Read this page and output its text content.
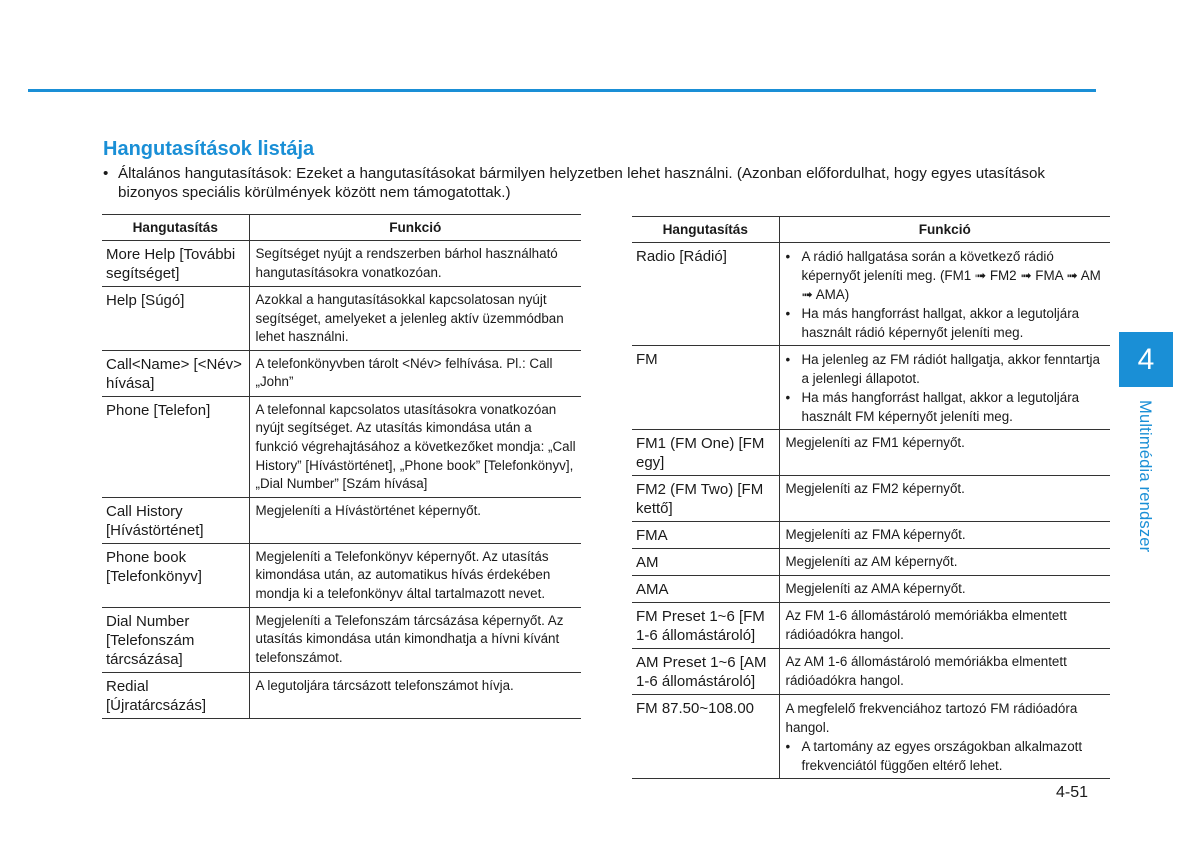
Hangutasítások listája
• Általános hangutasítások: Ezeket a hangutasításokat bármilyen helyzetben lehet használni. (Azonban előfordulhat, hogy egyes utasítások bizonyos speciális körülmények között nem támogatottak.)
Hangutasítás	Funkció
More Help [További segítséget]	Segítséget nyújt a rendszerben bárhol használható hangutasításokra vonatkozóan.
Help [Súgó]	Azokkal a hangutasításokkal kapcsolatosan nyújt segítséget, amelyeket a jelenleg aktív üzemmódban lehet használni.
Call<Name> [<Név> hívása]	A telefonkönyvben tárolt <Név> felhívása. Pl.: Call „John”
Phone [Telefon]	A telefonnal kapcsolatos utasításokra vonatkozóan nyújt segítséget. Az utasítás kimondása után a funkció végrehajtásához a következőket mondja: „Call History” [Hívástörténet], „Phone book” [Telefonkönyv], „Dial Number” [Szám hívása]
Call History [Hívástörténet]	Megjeleníti a Hívástörténet képernyőt.
Phone book [Telefonkönyv]	Megjeleníti a Telefonkönyv képernyőt. Az utasítás kimondása után, az automatikus hívás érdekében mondja ki a telefonkönyv által tartalmazott nevet.
Dial Number [Telefonszám tárcsázása]	Megjeleníti a Telefonszám tárcsázása képernyőt. Az utasítás kimondása után kimondhatja a hívni kívánt telefonszámot.
Redial [Újratárcsázás]	A legutoljára tárcsázott telefonszámot hívja.
Hangutasítás	Funkció
Radio [Rádió]	• A rádió hallgatása során a következő rádió képernyőt jeleníti meg. (FM1 ➟ FM2 ➟ FMA ➟ AM ➟ AMA)
• Ha más hangforrást hallgat, akkor a legutoljára használt rádió képernyőt jeleníti meg.

FM	• Ha jelenleg az FM rádiót hallgatja, akkor fenntartja a jelenlegi állapotot.
• Ha más hangforrást hallgat, akkor a legutoljára használt FM képernyőt jeleníti meg.

FM1 (FM One) [FM egy]	Megjeleníti az FM1 képernyőt.
FM2 (FM Two) [FM kettő]	Megjeleníti az FM2 képernyőt.
FMA	Megjeleníti az FMA képernyőt.
AM	Megjeleníti az AM képernyőt.
AMA	Megjeleníti az AMA képernyőt.
FM Preset 1~6 [FM 1-6 állomástároló]	Az FM 1-6 állomástároló memóriákba elmentett rádióadókra hangol.
AM Preset 1~6 [AM 1-6 állomástároló]	Az AM 1-6 állomástároló memóriákba elmentett rádióadókra hangol.
FM 87.50~108.00	A megfelelő frekvenciához tartozó FM rádióadóra hangol.
• A tartomány az egyes országokban alkalmazott frekvenciától függően eltérő lehet.
4
Multimédia rendszer
4-51
